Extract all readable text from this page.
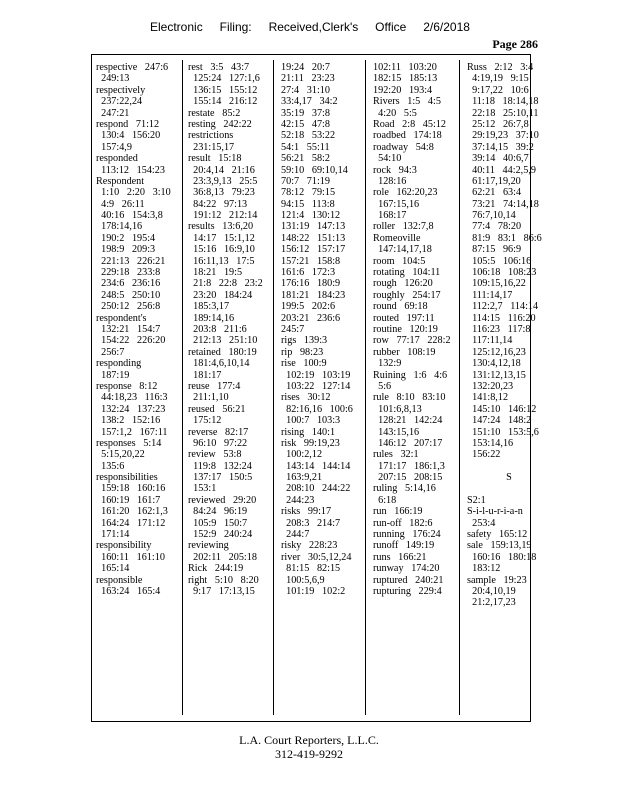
Electronic Filing: Received,Clerk's Office 2/6/2018
Page 286
respective   247:6
249:13
respectively
237:22,24
247:21
respond   71:12
130:4   156:20
157:4,9
responded
113:12   154:23
Respondent
1:10   2:20   3:10
4:9   26:11
40:16   154:3,8
178:14,16
190:2   195:4
198:9   209:3
221:13   226:21
229:18   233:8
234:6   236:16
248:5   250:10
250:12   256:8
respondent's
132:21   154:7
154:22   226:20
256:7
responding
187:19
response   8:12
44:18,23   116:3
132:24   137:23
138:2   152:16
157:1,2   167:11
responses   5:14
5:15,20,22
135:6
responsibilities
159:18   160:16
160:19   161:7
161:20   162:1,3
164:24   171:12
171:14
responsibility
160:11   161:10
165:14
responsible
163:24   165:4
rest   3:5   43:7
125:24   127:1,6
136:15   155:12
155:14   216:12
restate   85:2
resting   242:22
restrictions
231:15,17
result   15:18
20:4,14   21:16
23:3,9,13   25:5
36:8,13   79:23
84:22   97:13
191:12   212:14
results   13:6,20
14:17   15:1,12
15:16   16:9,10
16:11,13   17:5
18:21   19:5
21:8   22:8   23:2
23:20   184:24
185:3,17
189:14,16
203:8   211:6
212:13   251:10
retained   180:19
181:4,6,10,14
181:17
reuse   177:4
211:1,10
reused   56:21
175:12
reverse   82:17
96:10   97:22
review   53:8
119:8   132:24
137:17   150:5
153:1
reviewed   29:20
84:24   96:19
105:9   150:7
152:9   240:24
reviewing
202:11   205:18
Rick   244:19
right   5:10   8:20
9:17   17:13,15
19:24   20:7
21:11   23:23
27:4   31:10
33:4,17   34:2
35:19   37:8
42:15   47:8
52:18   53:22
54:1   55:11
56:21   58:2
59:10   69:10,14
70:7   71:19
78:12   79:15
94:15   113:8
121:4   130:12
131:19   147:13
148:22   151:13
156:12   157:17
157:21   158:8
161:6   172:3
176:16   180:9
181:21   184:23
199:5   202:6
203:21   236:6
245:7
rigs   139:3
rip   98:23
rise   100:9
102:19   103:19
103:22   127:14
rises   30:12
82:16,16   100:6
100:7   103:3
rising   140:1
risk   99:19,23
100:2,12
143:14   144:14
163:9,21
208:10   244:22
244:23
risks   99:17
208:3   214:7
244:7
risky   228:23
river   30:5,12,24
81:15   82:15
100:5,6,9
101:19   102:2
102:11   103:20
182:15   185:13
192:20   193:4
Rivers   1:5   4:5
4:20   5:5
Road   2:8   45:12
roadbed   174:18
roadway   54:8
54:10
rock   94:3
128:16
role   162:20,23
167:15,16
168:17
roller   132:7,8
Romeoville
147:14,17,18
room   104:5
rotating   104:11
rough   126:20
roughly   254:17
round   69:18
routed   197:11
routine   120:19
row   77:17   228:2
rubber   108:19
132:9
Ruining   1:6   4:6
5:6
rule   8:10   83:10
101:6,8,13
128:21   142:24
143:15,16
146:12   207:17
rules   32:1
171:17   186:1,3
207:15   208:15
ruling   5:14,16
6:18
run   166:19
run-off   182:6
running   176:24
runoff   149:19
runs   166:21
runway   174:20
ruptured   240:21
rupturing   229:4
Russ   2:12   3:4
4:19,19   9:15
9:17,22   10:6
11:18   18:14,18
22:18   25:10,11
25:12   26:7,8
29:19,23   37:10
37:14,15   39:2
39:14   40:6,7
40:11   44:2,5,9
61:17,19,20
62:21   63:4
73:21   74:14,18
76:7,10,14
77:4   78:20
81:9   83:1   86:6
87:15   96:9
105:5   106:16
106:18   108:23
109:15,16,22
111:14,17
112:2,7   114:14
114:15   116:20
116:23   117:8
117:11,14
125:12,16,23
130:4,12,18
131:12,13,15
132:20,23
141:8,12
145:10   146:12
147:24   148:2
151:10   153:5,6
153:14,16
156:22
S
S2:1
S-i-l-u-r-i-a-n
253:4
safety   165:12
sale   159:13,19
160:16   180:18
183:12
sample   19:23
20:4,10,19
21:2,17,23
L.A. Court Reporters, L.L.C.
312-419-9292
